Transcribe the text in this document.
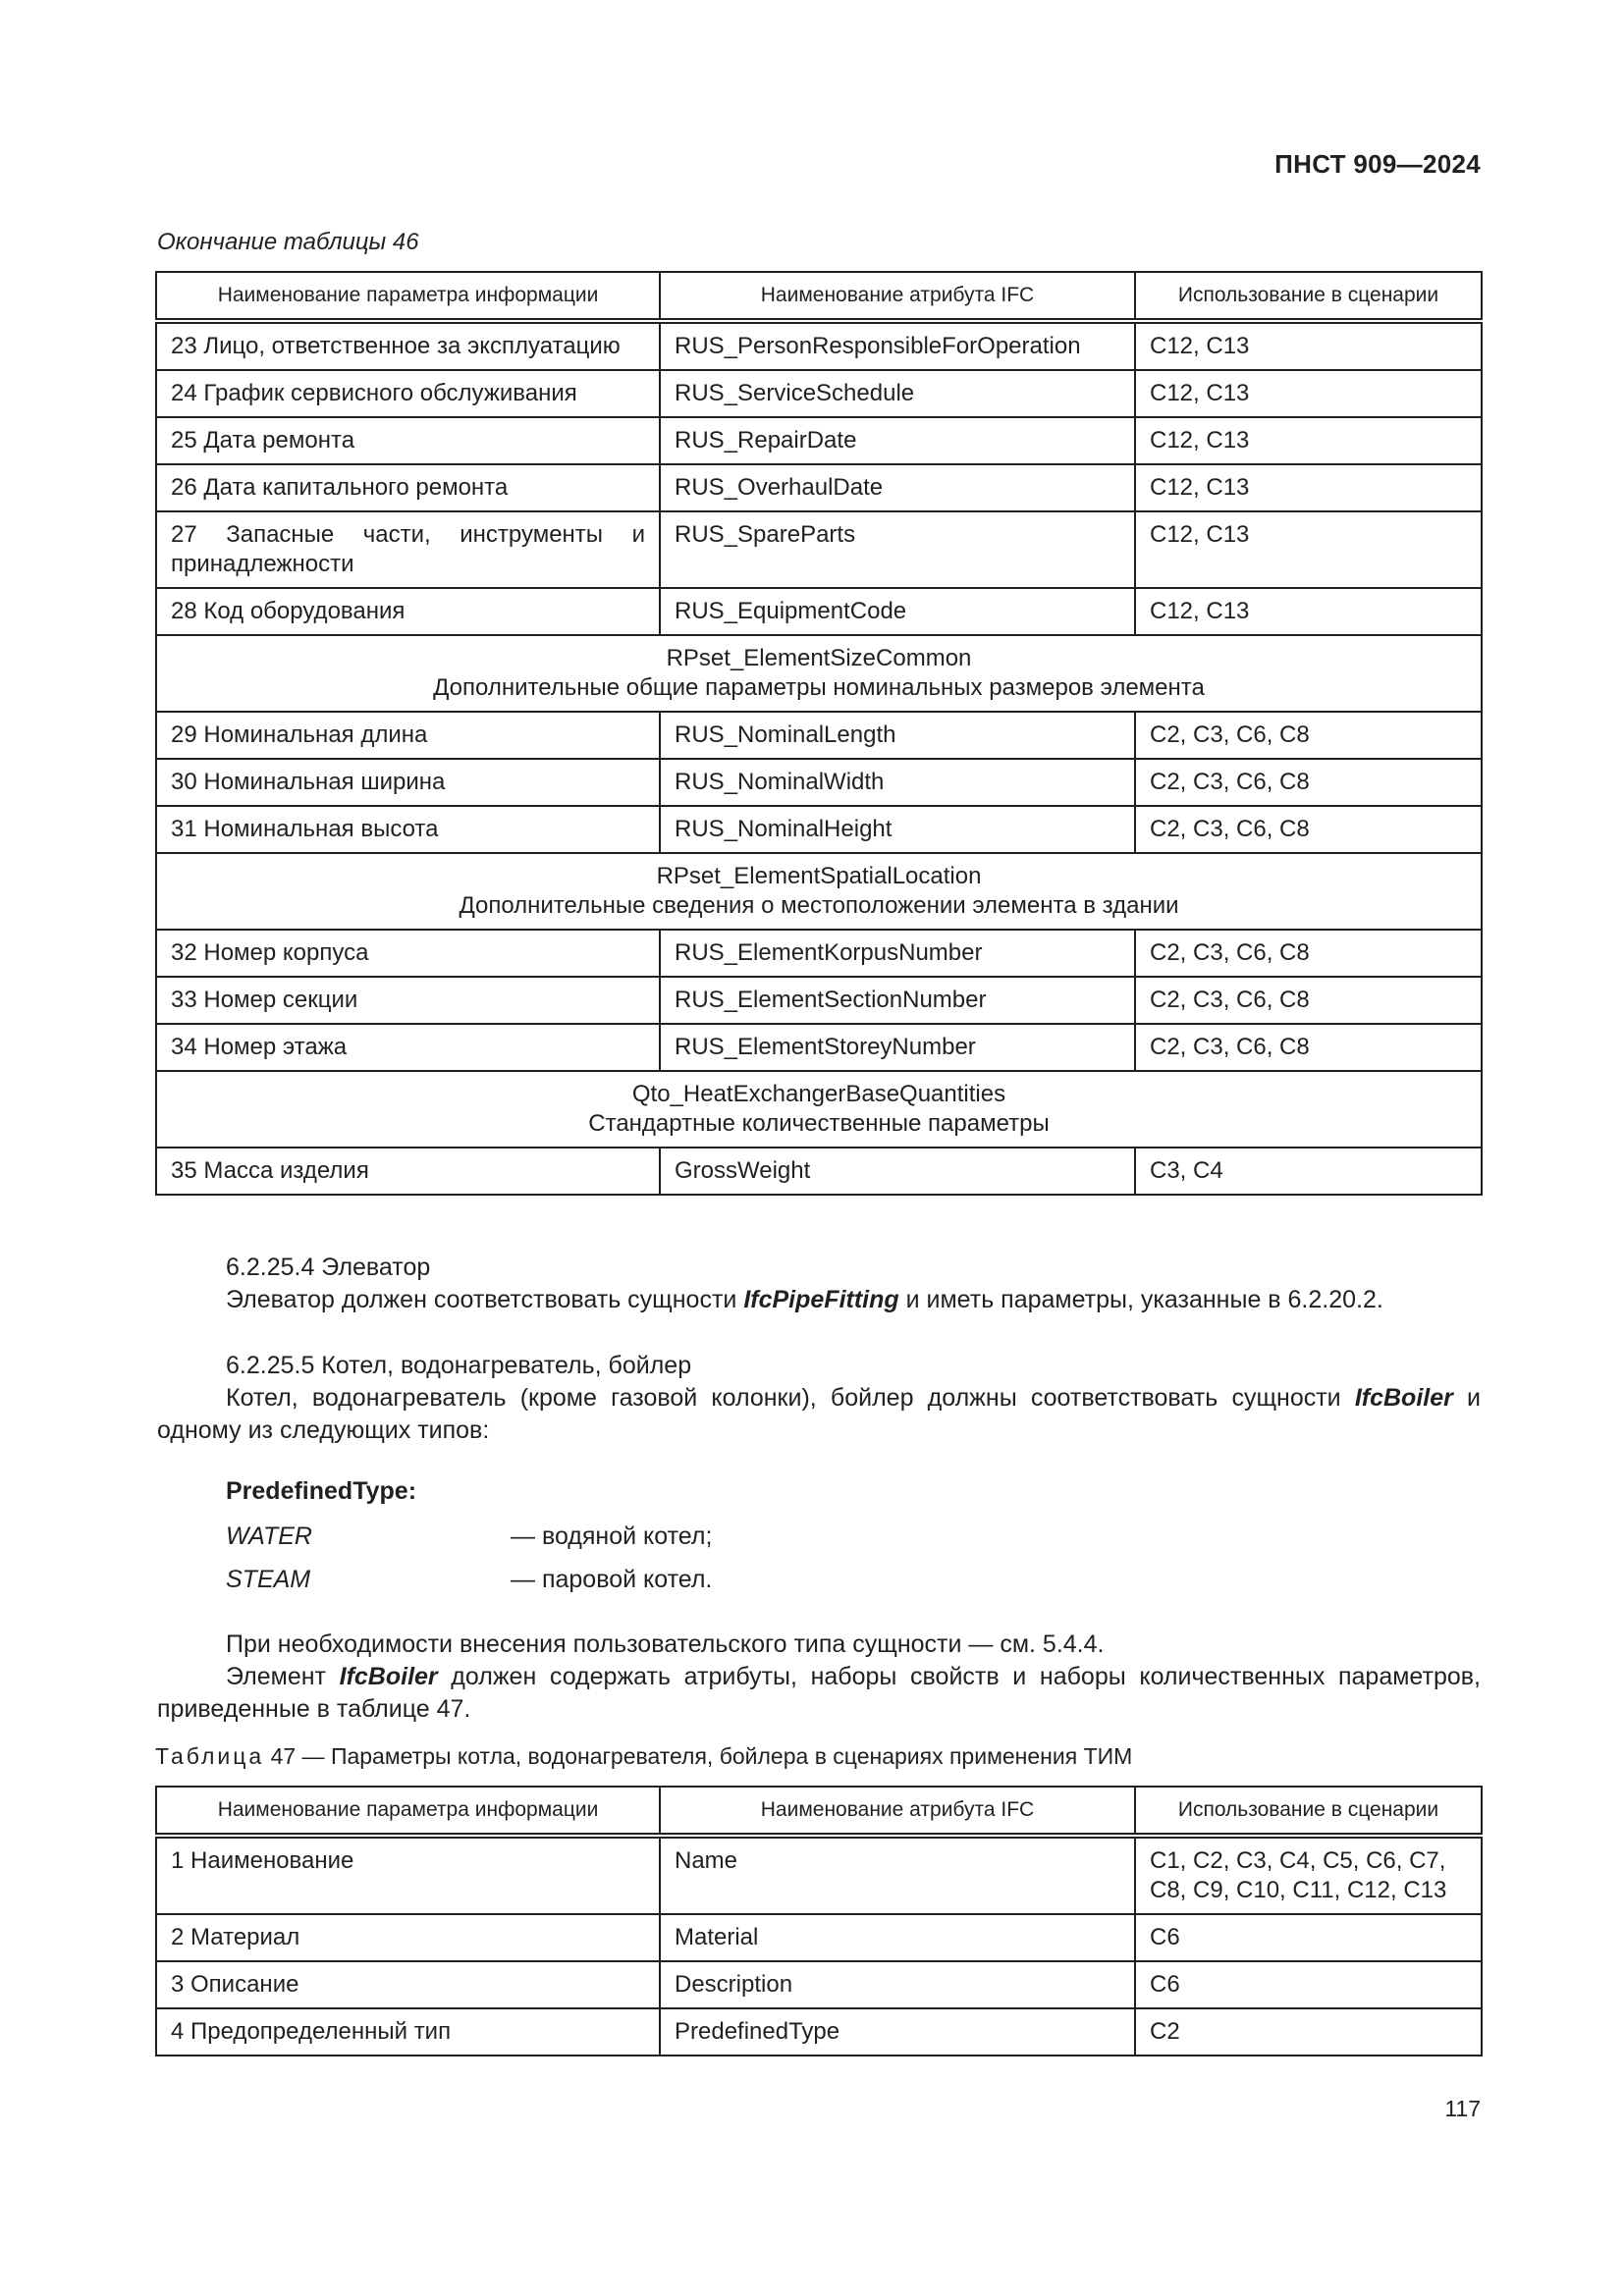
ПНСТ 909—2024
Окончание таблицы 46
Наименование параметра информации	Наименование атрибута IFC	Использование в сценарии
23 Лицо, ответственное за эксплуатацию	RUS_PersonResponsibleForOperation	C12, C13
24 График сервисного обслуживания	RUS_ServiceSchedule	C12, C13
25 Дата ремонта	RUS_RepairDate	C12, C13
26 Дата капитального ремонта	RUS_OverhaulDate	C12, C13
27 Запасные части, инструменты и принадлежности	RUS_SpareParts	C12, C13
28 Код оборудования	RUS_EquipmentCode	C12, C13

RPset_ElementSizeCommon
Дополнительные общие параметры номинальных размеров элемента		

29 Номинальная длина	RUS_NominalLength	C2, C3, C6, C8
30 Номинальная ширина	RUS_NominalWidth	C2, C3, C6, C8
31 Номинальная высота	RUS_NominalHeight	C2, C3, C6, C8

RPset_ElementSpatialLocation
Дополнительные сведения о местоположении элемента в здании		

32 Номер корпуса	RUS_ElementKorpusNumber	C2, C3, C6, C8
33 Номер секции	RUS_ElementSectionNumber	C2, C3, C6, C8
34 Номер этажа	RUS_ElementStoreyNumber	C2, C3, C6, C8

Qto_HeatExchangerBaseQuantities
Стандартные количественные параметры		

35 Масса изделия	GrossWeight	C3, C4
6.2.25.4 Элеватор
Элеватор должен соответствовать сущности IfcPipeFitting и иметь параметры, указанные в 6.2.20.2.
6.2.25.5 Котел, водонагреватель, бойлер
Котел, водонагреватель (кроме газовой колонки), бойлер должны соответствовать сущности IfcBoiler и одному из следующих типов:
PredefinedType:
WATER	— водяной котел;
STEAM	— паровой котел.
При необходимости внесения пользовательского типа сущности — см. 5.4.4.
Элемент IfcBoiler должен содержать атрибуты, наборы свойств и наборы количественных параметров, приведенные в таблице 47.
Таблица 47 — Параметры котла, водонагревателя, бойлера в сценариях применения ТИМ
Наименование параметра информации	Наименование атрибута IFC	Использование в сценарии
1 Наименование	Name	C1, C2, C3, C4, C5, C6, C7, C8, C9, C10, C11, C12, C13
2 Материал	Material	C6
3 Описание	Description	C6
4 Предопределенный тип	PredefinedType	C2
117
